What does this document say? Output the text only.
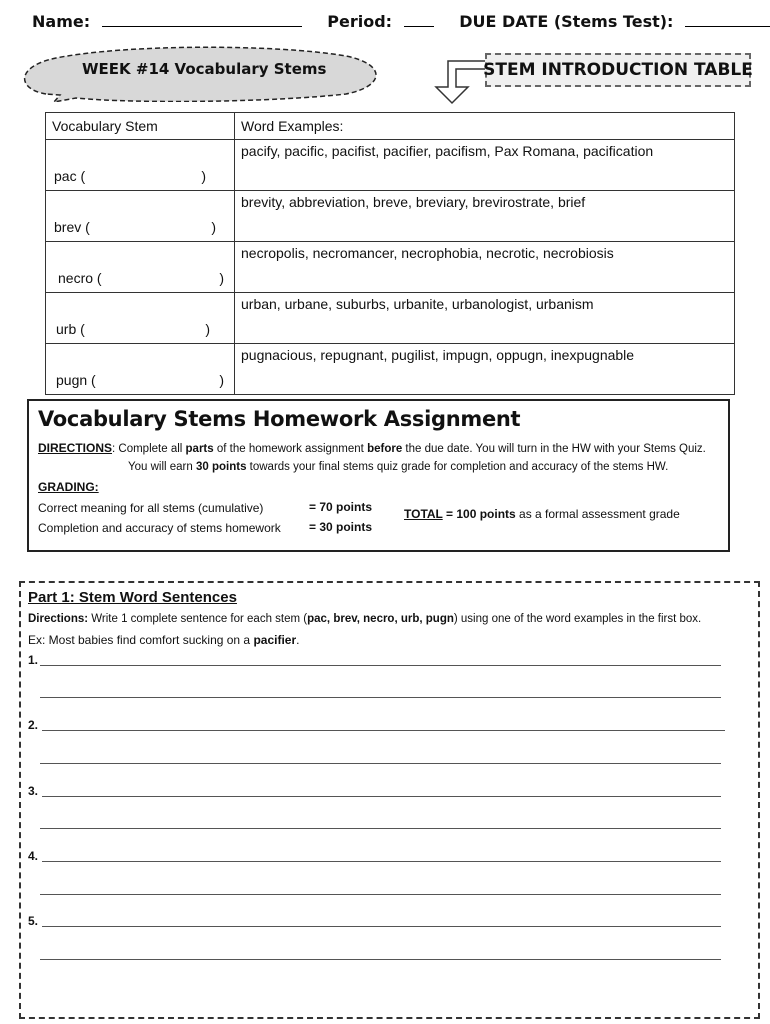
Name:	Period:	DUE DATE (Stems Test):
WEEK #14 Vocabulary Stems	STEM INTRODUCTION TABLE
Vocabulary Stem	Word Examples:

pac ( )	pacify, pacific, pacifist, pacifier, pacifism, Pax Romana, pacification

brev ( )	brevity, abbreviation, breve, breviary, brevirostrate, brief

necro ( )	necropolis, necromancer, necrophobia, necrotic, necrobiosis

urb ( )	urban, urbane, suburbs, urbanite, urbanologist, urbanism

pugn ( )	pugnacious, repugnant, pugilist, impugn, oppugn, inexpugnable
Vocabulary Stems Homework Assignment
DIRECTIONS: Complete all parts of the homework assignment before the due date. You will turn in the HW with your Stems Quiz.
You will earn 30 points towards your final stems quiz grade for completion and accuracy of the stems HW.
GRADING:
Correct meaning for all stems (cumulative)	= 70 points
Completion and accuracy of stems homework = 30 points
TOTAL = 100 points as a formal assessment grade
Part 1: Stem Word Sentences
Directions: Write 1 complete sentence for each stem (pac, brev, necro, urb, pugn) using one of the word examples in the first box.
Ex: Most babies find comfort sucking on a pacifier.
1.
2.
3.
4.
5.
